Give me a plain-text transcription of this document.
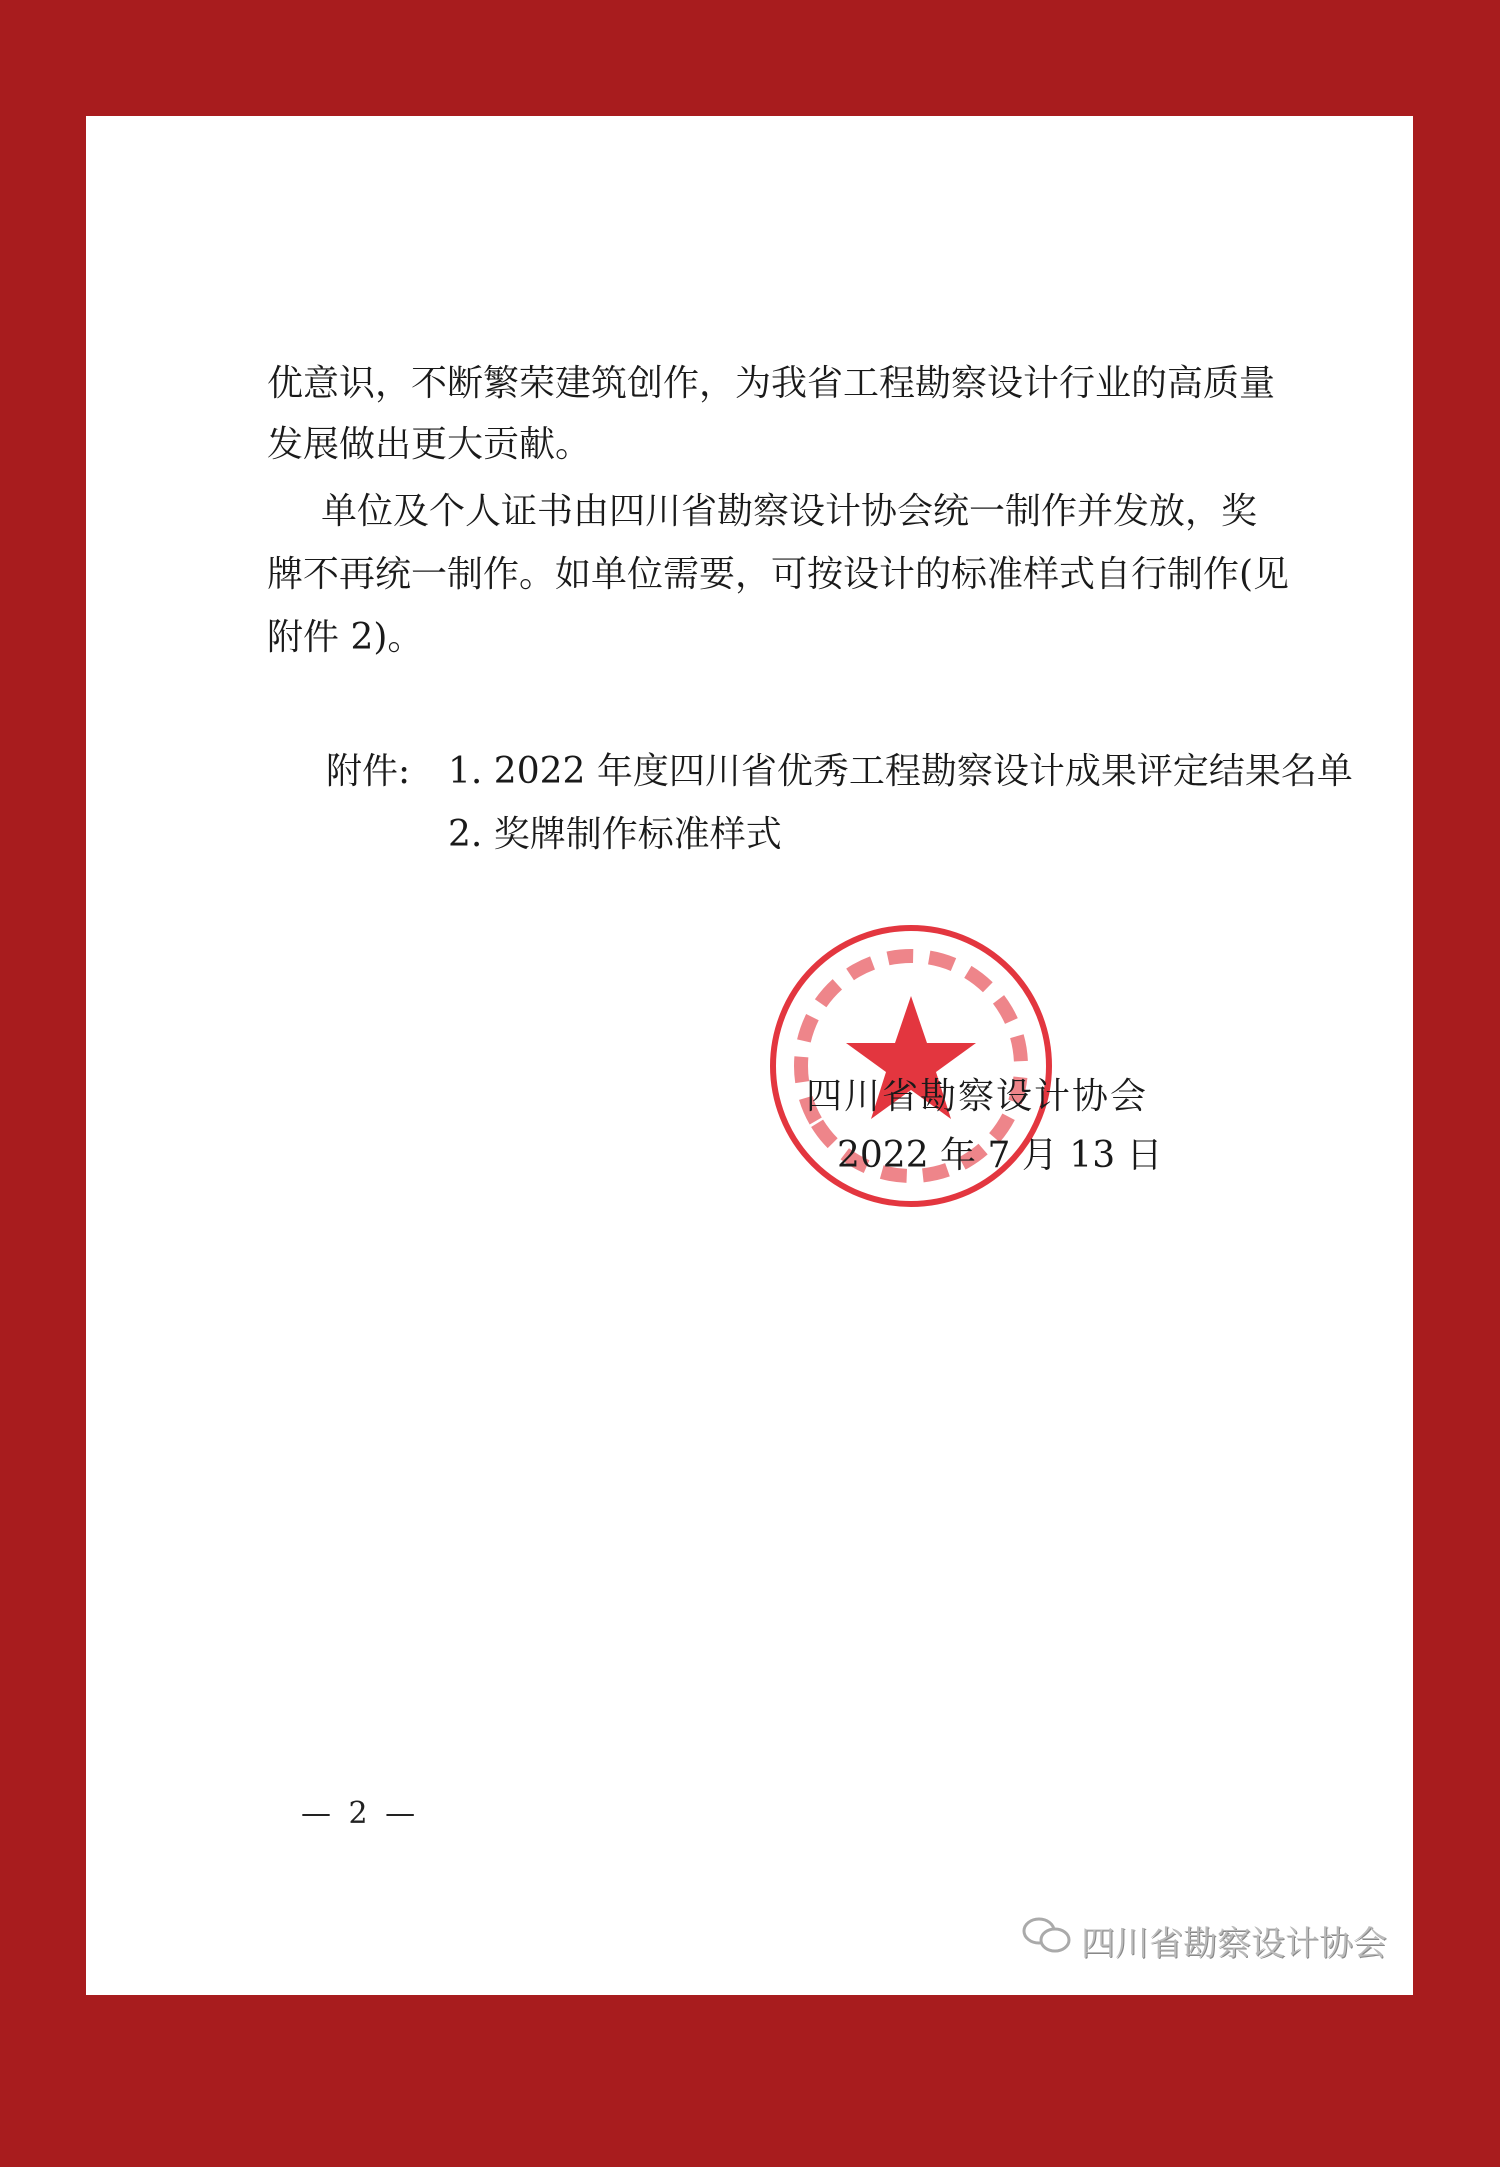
优意识，不断繁荣建筑创作，为我省工程勘察设计行业的高质量
发展做出更大贡献。
单位及个人证书由四川省勘察设计协会统一制作并发放，奖
牌不再统一制作。如单位需要，可按设计的标准样式自行制作(见
附件 2)。
附件: 1. 2022 年度四川省优秀工程勘察设计成果评定结果名单
2. 奖牌制作标准样式
四川省勘察设计协会
2022 年 7 月 13 日
— 2 —
四川省勘察设计协会
